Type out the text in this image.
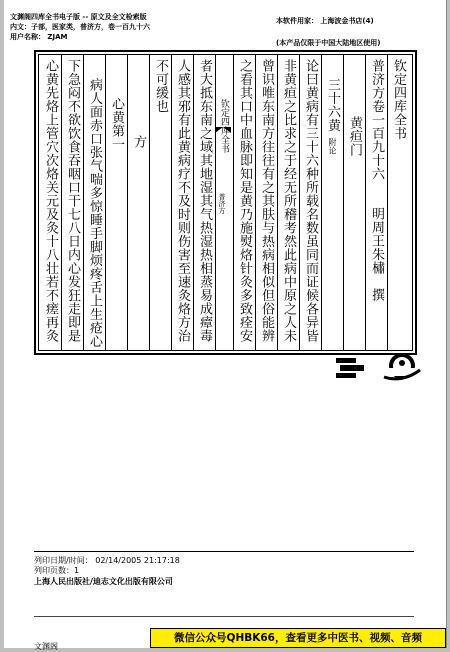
文渊阁四库全书电子版 -- 原文及全文检索版
内文：子部，医家类，普济方，卷一百九十六
用户名称： ZJAM
本软件用家： 上海波金书店(4)
(本产品仅限于中国大陆地区使用)
钦定四库全书
普济方卷一百九十六明周王朱橚　撰
黄疸门
三十六黄附论
论曰黄病有三十六种所载名数虽同而证候各异皆
非黄疸之比求之于经无所稽考然此病中原之人未
曾识唯东南方往往有之其肤与热病相似但俗能辨
之看其口中血脉即知是黄乃施熨烙针灸多致痊安
钦定四库全书
普济方
者大抵东南之域其地湿其气热湿热相蒸易成瘴毒
人感其邪有此黄病疗不及时则伤害至速灸烙方治
不可缓也
方
心黄第一
病人面赤口张气喘多惊睡手脚烦疼舌上生疮心
下急闷不欲饮食吞咽口干七八日内心发狂走即是
心黄先烙上管穴次烙关元及灸十八壮若不瘥再灸
列印日期/时间： 02/14/2005 21:17:18
列印页数：1
上海人民出版社/迪志文化出版有限公司
文渊阁
微信公众号QHBK66，查看更多中医书、视频、音频
